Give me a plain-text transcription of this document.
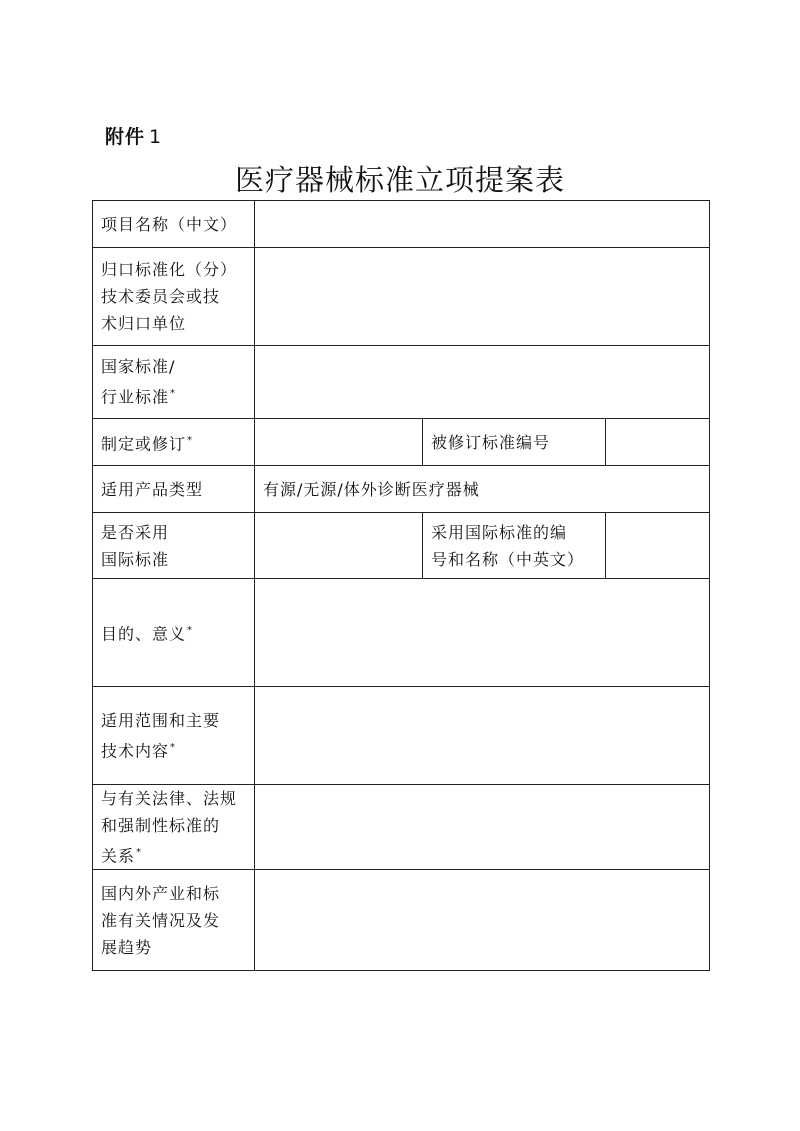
附件 1
医疗器械标准立项提案表
项目名称（中文）			

归口标准化（分）
技术委员会或技
术归口单位			

国家标准/
行业标准*

制定或修订*		被修订标准编号	
适用产品类型	有源/无源/体外诊断医疗器械		

是否采用
国际标准		采用国际标准的编
号和名称（中英文）	

目的、意义*	

适用范围和主要
技术内容*

与有关法律、法规
和强制性标准的
关系*

国内外产业和标
准有关情况及发
展趋势			
